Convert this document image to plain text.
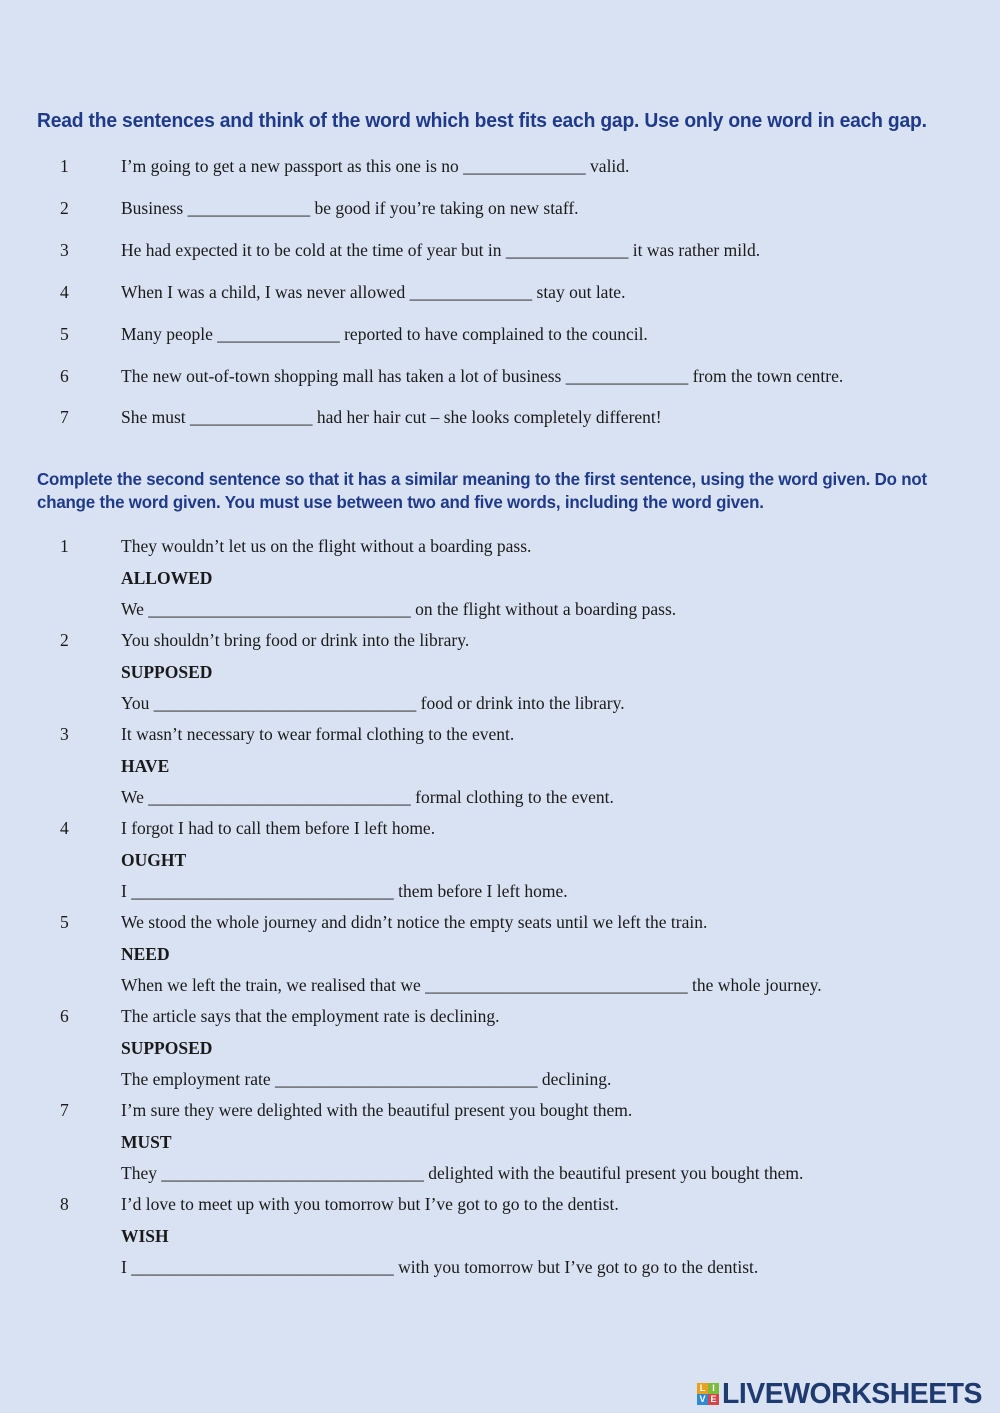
Read the sentences and think of the word which best fits each gap. Use only one word in each gap.

1	I’m going to get a new passport as this one is no ______________ valid.
2	Business ______________ be good if you’re taking on new staff.
3	He had expected it to be cold at the time of year but in ______________ it was rather mild.
4	When I was a child, I was never allowed ______________ stay out late.
5	Many people ______________ reported to have complained to the council.
6	The new out-of-town shopping mall has taken a lot of business ______________ from the town centre.
7	She must ______________ had her hair cut – she looks completely different!

Complete the second sentence so that it has a similar meaning to the first sentence, using the word given. Do not change the word given. You must use between two and five words, including the word given.

1	They wouldn’t let us on the flight without a boarding pass.
ALLOWED
We ______________________________ on the flight without a boarding pass.
2	You shouldn’t bring food or drink into the library.
SUPPOSED
You ______________________________ food or drink into the library.
3	It wasn’t necessary to wear formal clothing to the event.
HAVE
We ______________________________ formal clothing to the event.
4	I forgot I had to call them before I left home.
OUGHT
I ______________________________ them before I left home.
5	We stood the whole journey and didn’t notice the empty seats until we left the train.
NEED
When we left the train, we realised that we ______________________________ the whole journey.
6	The article says that the employment rate is declining.
SUPPOSED
The employment rate ______________________________ declining.
7	I’m sure they were delighted with the beautiful present you bought them.
MUST
They ______________________________ delighted with the beautiful present you bought them.
8	I’d love to meet up with you tomorrow but I’ve got to go to the dentist.
WISH
I ______________________________ with you tomorrow but I’ve got to go to the dentist.
L I
V E LIVEWORKSHEETS
